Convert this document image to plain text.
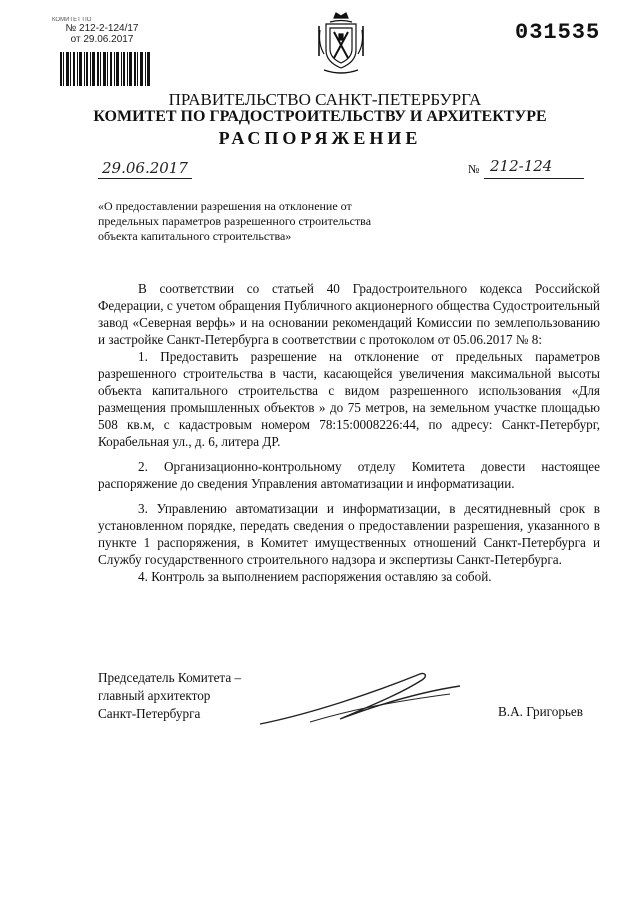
КОМИТЕТ ПО
№ 212-2-124/17
от 29.06.2017	031535
ПРАВИТЕЛЬСТВО САНКТ-ПЕТЕРБУРГА
КОМИТЕТ ПО ГРАДОСТРОИТЕЛЬСТВУ И АРХИТЕКТУРЕ
РАСПОРЯЖЕНИЕ
29.06.2017	№ 212-124
«О предоставлении разрешения на отклонение от предельных параметров разрешенного строительства объекта капитального строительства»

В соответствии со статьей 40 Градостроительного кодекса Российской Федерации, с учетом обращения Публичного акционерного общества Судостроительный завод «Северная верфь» и на основании рекомендаций Комиссии по землепользованию и застройке Санкт-Петербурга в соответствии с протоколом от 05.06.2017 № 8:

1. Предоставить разрешение на отклонение от предельных параметров разрешенного строительства в части, касающейся увеличения максимальной высоты объекта капитального строительства с видом разрешенного использования «Для размещения промышленных объектов » до 75 метров, на земельном участке площадью 508 кв.м, с кадастровым номером 78:15:0008226:44, по адресу: Санкт-Петербург, Корабельная ул., д. 6, литера ДР.

2. Организационно-контрольному отделу Комитета довести настоящее распоряжение до сведения Управления автоматизации и информатизации.

3. Управлению автоматизации и информатизации, в десятидневный срок в установленном порядке, передать сведения о предоставлении разрешения, указанного в пункте 1 распоряжения, в Комитет имущественных отношений Санкт-Петербурга и Службу государственного строительного надзора и экспертизы Санкт-Петербурга.

4. Контроль за выполнением распоряжения оставляю за собой.

Председатель Комитета –
главный архитектор
Санкт-Петербурга	В.А. Григорьев
